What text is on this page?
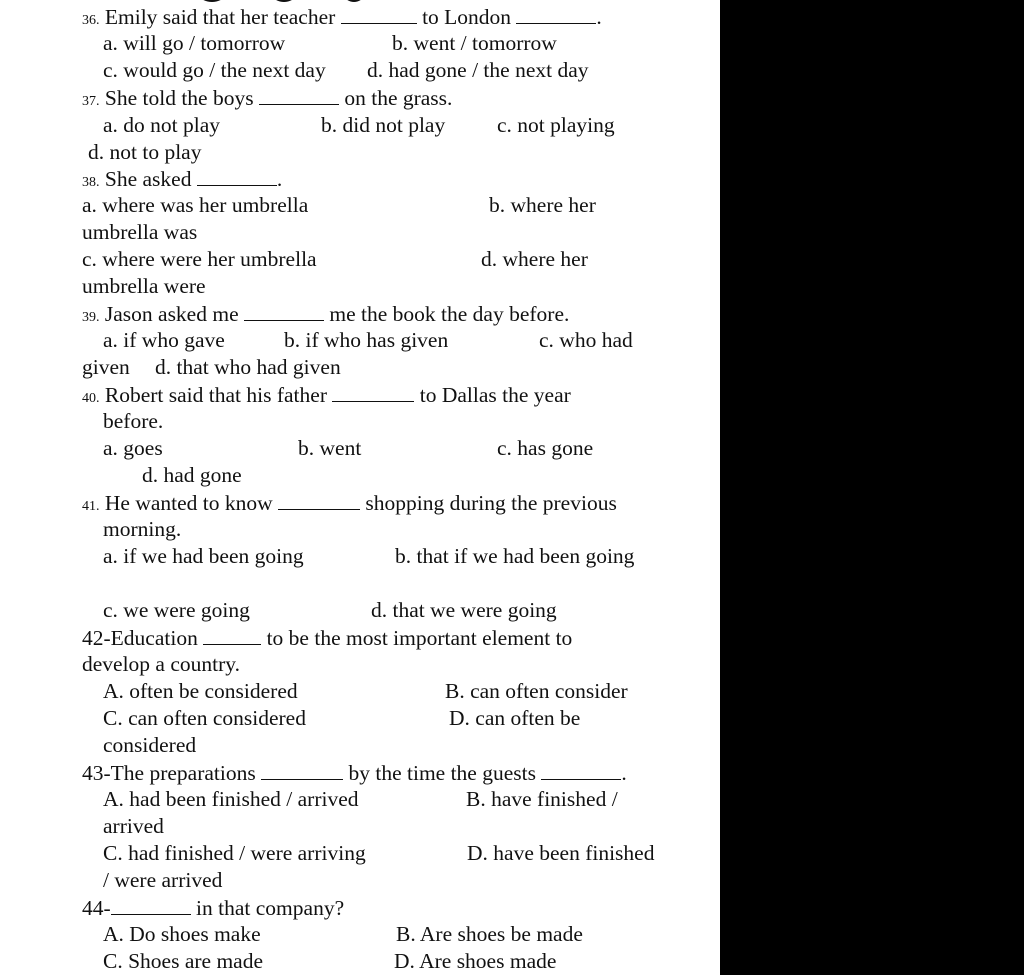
36. Emily said that her teacher	to London	.
a. will go / tomorrow	b. went / tomorrow
c. would go / the next day d. had gone / the next day
37. She told the boys	on the grass.
a. do not play	b. did not play c. not playing
d. not to play
38. She asked	.
a. where was her umbrella	b. where her
umbrella was
c. where were her umbrella	d. where her
umbrella were
39. Jason asked me	me the book the day before.
a. if who gave	b. if who has given	c. who had
given d. that who had given
40. Robert said that his father	to Dallas the year
before.
a. goes	b. went	c. has gone
d. had gone
41. He wanted to know	shopping during the previous
morning.
a. if we had been going	b. that if we had been going
c. we were going	d. that we were going
42-Education	to be the most important element to
develop a country.
A. often be considered	B. can often consider
C. can often considered	D. can often be
considered
43-The preparations	by the time the guests	.
A. had been finished / arrived	B. have finished /
arrived
C. had finished / were arriving	D. have been finished
/ were arrived
44-	in that company?
A. Do shoes make	B. Are shoes be made
C. Shoes are made	D. Are shoes made
